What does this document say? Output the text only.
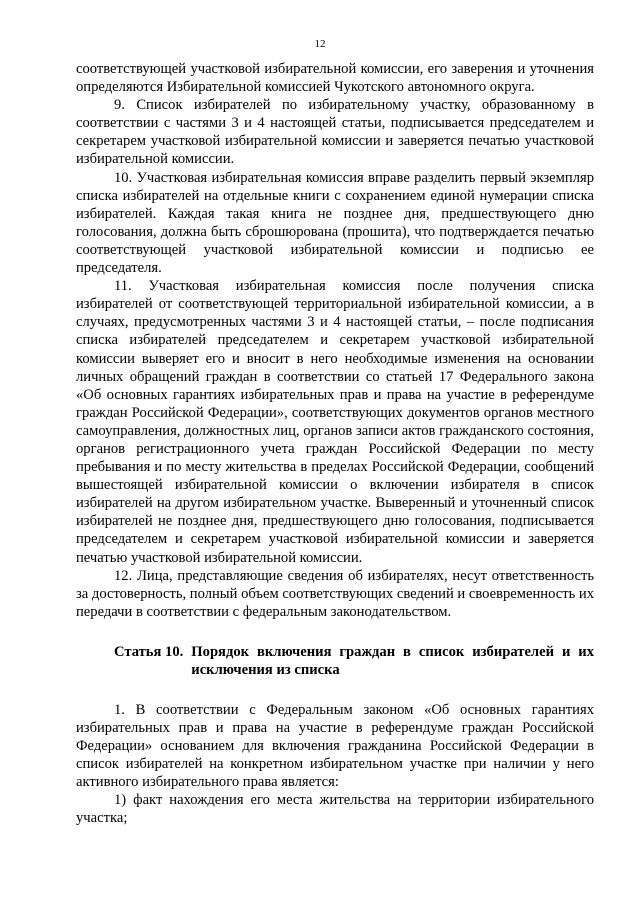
12

соответствующей участковой избирательной комиссии, его заверения и уточнения определяются Избирательной комиссией Чукотского автономного округа.

9. Список избирателей по избирательному участку, образованному в соответствии с частями 3 и 4 настоящей статьи, подписывается председателем и секретарем участковой избирательной комиссии и заверяется печатью участковой избирательной комиссии.

10. Участковая избирательная комиссия вправе разделить первый экземпляр списка избирателей на отдельные книги с сохранением единой нумерации списка избирателей. Каждая такая книга не позднее дня, предшествующего дню голосования, должна быть сброшюрована (прошита), что подтверждается печатью соответствующей участковой избирательной комиссии и подписью ее председателя.

11. Участковая избирательная комиссия после получения списка избирателей от соответствующей территориальной избирательной комиссии, а в случаях, предусмотренных частями 3 и 4 настоящей статьи, – после подписания списка избирателей председателем и секретарем участковой избирательной комиссии выверяет его и вносит в него необходимые изменения на основании личных обращений граждан в соответствии со статьей 17 Федерального закона «Об основных гарантиях избирательных прав и права на участие в референдуме граждан Российской Федерации», соответствующих документов органов местного самоуправления, должностных лиц, органов записи актов гражданского состояния, органов регистрационного учета граждан Российской Федерации по месту пребывания и по месту жительства в пределах Российской Федерации, сообщений вышестоящей избирательной комиссии о включении избирателя в список избирателей на другом избирательном участке. Выверенный и уточненный список избирателей не позднее дня, предшествующего дню голосования, подписывается председателем и секретарем участковой избирательной комиссии и заверяется печатью участковой избирательной комиссии.

12. Лица, представляющие сведения об избирателях, несут ответственность за достоверность, полный объем соответствующих сведений и своевременность их передачи в соответствии с федеральным законодательством.

Статья 10. Порядок включения граждан в список избирателей и их исключения из списка

1. В соответствии с Федеральным законом «Об основных гарантиях избирательных прав и права на участие в референдуме граждан Российской Федерации» основанием для включения гражданина Российской Федерации в список избирателей на конкретном избирательном участке при наличии у него активного избирательного права является:

1) факт нахождения его места жительства на территории избирательного участка;
